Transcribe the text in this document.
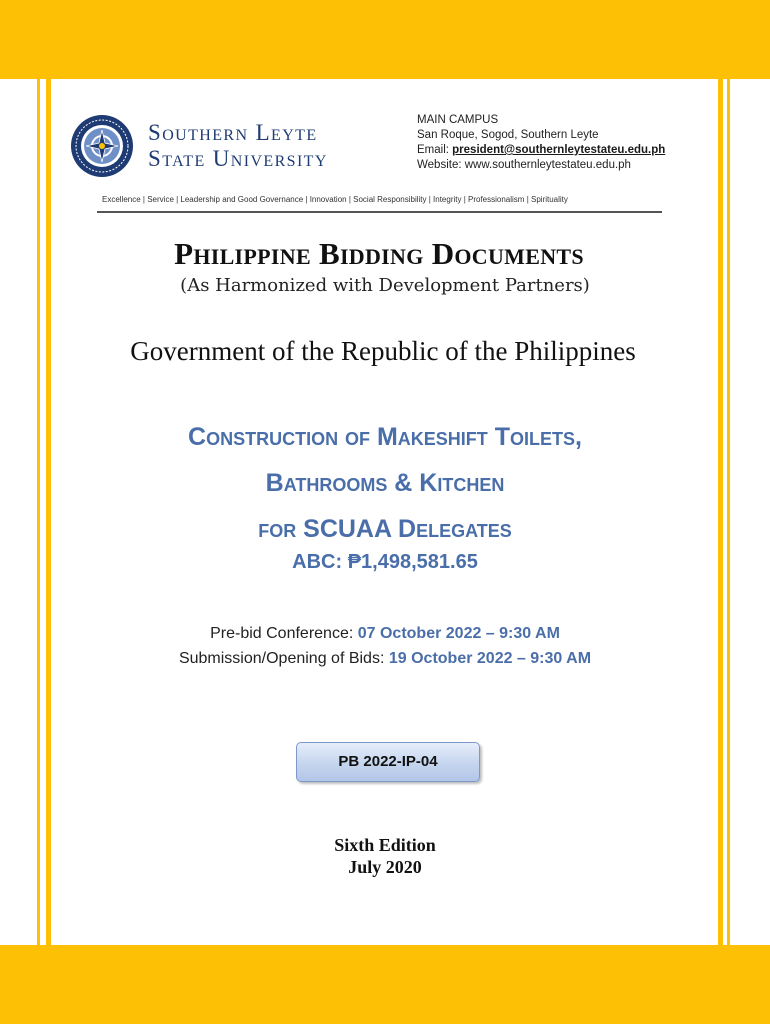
Southern Leyte
State University
MAIN CAMPUS
San Roque, Sogod, Southern Leyte
Email: president@southernleytestateu.edu.ph
Website: www.southernleytestateu.edu.ph
Excellence | Service | Leadership and Good Governance | Innovation | Social Responsibility | Integrity | Professionalism | Spirituality
Philippine Bidding Documents
(As Harmonized with Development Partners)
Government of the Republic of the Philippines
Construction of Makeshift Toilets,
Bathrooms & Kitchen
for SCUAA Delegates
ABC: ₱1,498,581.65
Pre-bid Conference: 07 October 2022 – 9:30 AM
Submission/Opening of Bids: 19 October 2022 – 9:30 AM
PB 2022-IP-04
Sixth Edition
July 2020
